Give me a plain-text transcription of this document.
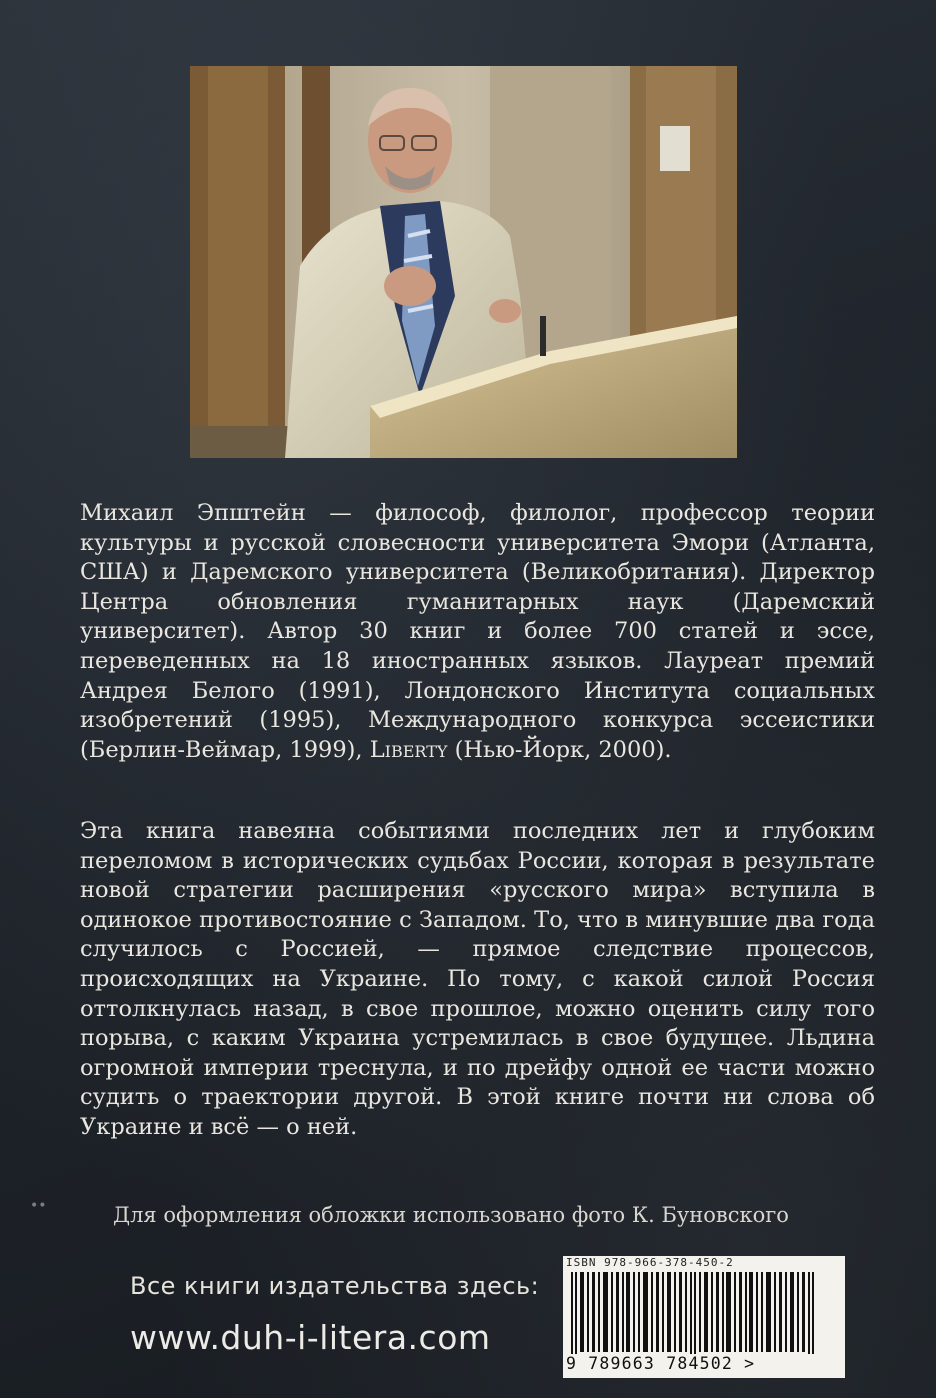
Михаил Эпштейн — философ, филолог, профессор теории культуры и русской словесности университета Эмори (Атланта, США) и Даремского университета (Великобритания). Директор Центра обновления гуманитарных наук (Даремский университет). Автор 30 книг и более 700 статей и эссе, переведенных на 18 иностранных языков. Лауреат премий Андрея Белого (1991), Лондонского Института социальных изобретений (1995), Международного конкурса эссеистики (Берлин-Веймар, 1999), Liberty (Нью-Йорк, 2000).

Эта книга навеяна событиями последних лет и глубоким переломом в исторических судьбах России, которая в результате новой стратегии расширения «русского мира» вступила в одинокое противостояние с Западом. То, что в минувшие два года случилось с Россией, — прямое следствие процессов, происходящих на Украине. По тому, с какой силой Россия оттолкнулась назад, в свое прошлое, можно оценить силу того порыва, с каким Украина устремилась в свое будущее. Льдина огромной империи треснула, и по дрейфу одной ее части можно судить о траектории другой. В этой книге почти ни слова об Украине и всё — о ней.

••	Для оформления обложки использовано фото К. Буновского
Все книги издательства здесь:
www.duh-i-litera.com
ISBN 978-966-378-450-2
9 789663 784502 >
